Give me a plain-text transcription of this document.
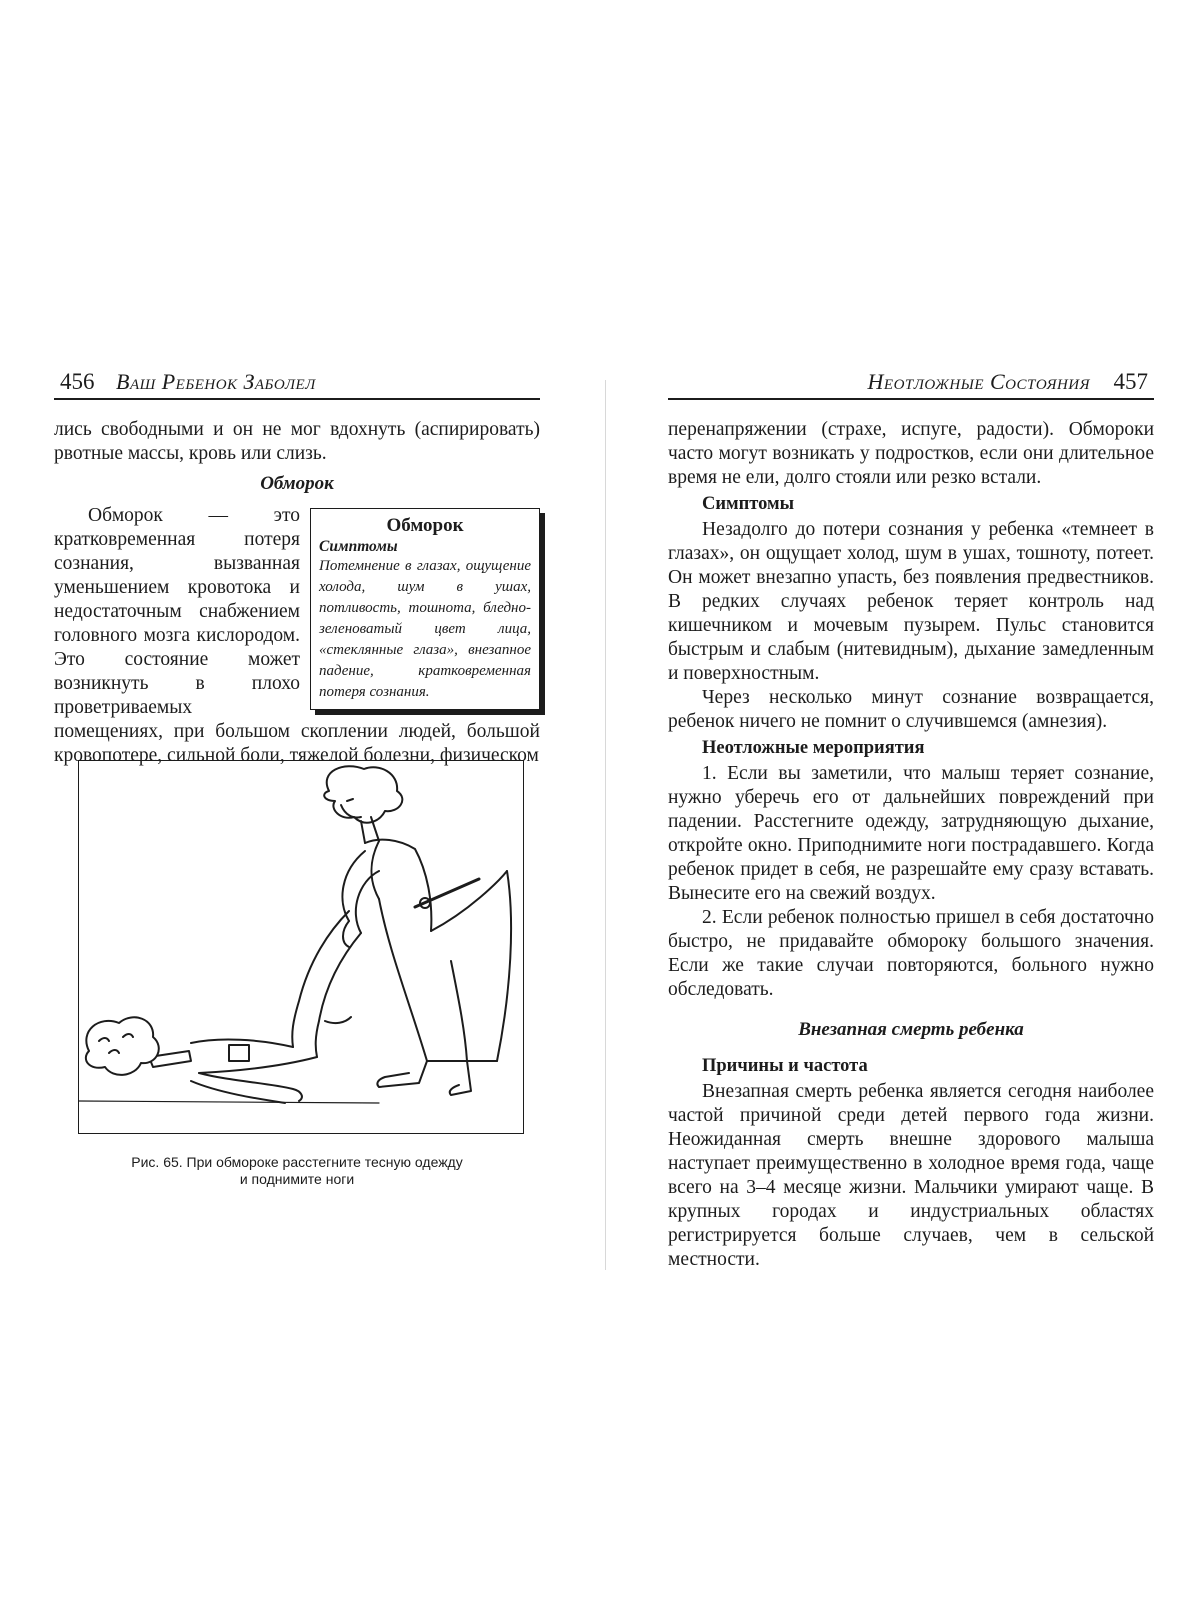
456 Ваш Ребенок Заболел

лись свободными и он не мог вдохнуть (аспирировать) рвотные массы, кровь или слизь.

Обморок
Обморок
Симптомы
Потемнение в глазах, ощущение холода, шум в ушах, потливость, тошнота, бледно-зеленоватый цвет лица, «стеклянные глаза», внезапное падение, кратковременная потеря сознания.

Обморок — это кратковременная потеря сознания, вызванная уменьшением кровотока и недостаточным снабжением головного мозга кислородом. Это состояние может возникнуть в плохо проветриваемых помещениях, при большом скоплении людей, большой кровопотере, сильной боли, тяжелой болезни, физическом

Рис. 65. При обмороке расстегните тесную одежду
и поднимите ноги
Неотложные Состояния 457

перенапряжении (страхе, испуге, радости). Обмороки часто могут возникать у подростков, если они длительное время не ели, долго стояли или резко встали.

Симптомы

Незадолго до потери сознания у ребенка «темнеет в глазах», он ощущает холод, шум в ушах, тошноту, потеет. Он может внезапно упасть, без появления предвестников. В редких случаях ребенок теряет контроль над кишечником и мочевым пузырем. Пульс становится быстрым и слабым (нитевидным), дыхание замедленным и поверхностным.

Через несколько минут сознание возвращается, ребенок ничего не помнит о случившемся (амнезия).

Неотложные мероприятия

1. Если вы заметили, что малыш теряет сознание, нужно уберечь его от дальнейших повреждений при падении. Расстегните одежду, затрудняющую дыхание, откройте окно. Приподнимите ноги пострадавшего. Когда ребенок придет в себя, не разрешайте ему сразу вставать. Вынесите его на свежий воздух.

2. Если ребенок полностью пришел в себя достаточно быстро, не придавайте обмороку большого значения. Если же такие случаи повторяются, больного нужно обследовать.

Внезапная смерть ребенка
Причины и частота

Внезапная смерть ребенка является сегодня наиболее частой причиной среди детей первого года жизни. Неожиданная смерть внешне здорового малыша наступает преимущественно в холодное время года, чаще всего на 3–4 месяце жизни. Мальчики умирают чаще. В крупных городах и индустриальных областях регистрируется больше случаев, чем в сельской местности.
